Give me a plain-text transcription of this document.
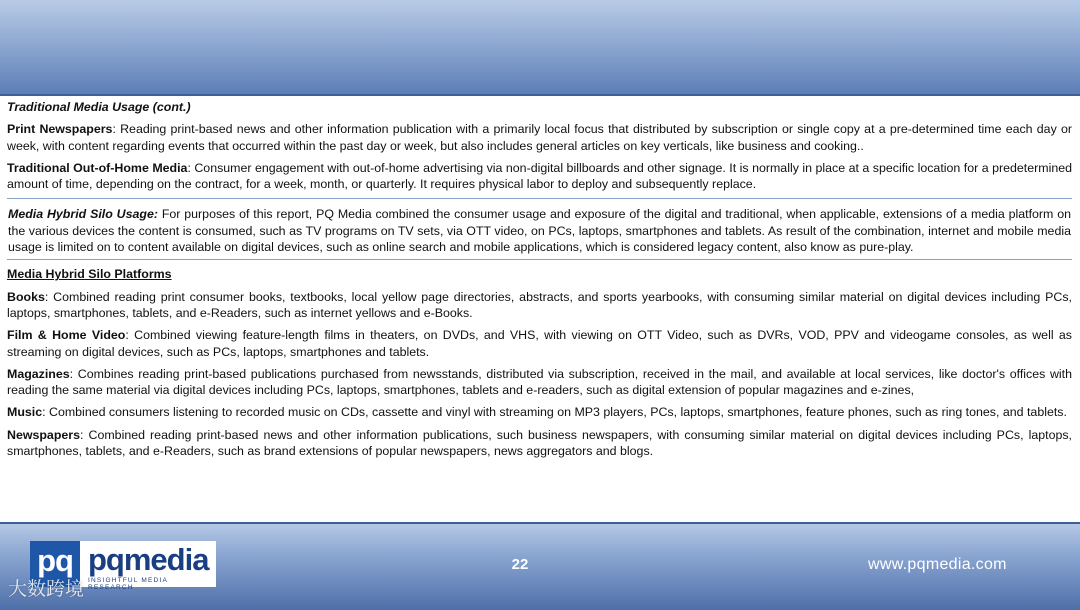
Traditional Media Usage (cont.)

Print Newspapers: Reading print-based news and other information publication with a primarily local focus that distributed by subscription or single copy at a pre-determined time each day or week, with content regarding events that occurred within the past day or week, but also includes general articles on key verticals, like business and cooking..

Traditional Out-of-Home Media: Consumer engagement with out-of-home advertising via non-digital billboards and other signage. It is normally in place at a specific location for a predetermined amount of time, depending on the contract, for a week, month, or quarterly. It requires physical labor to deploy and subsequently replace.

Media Hybrid Silo Usage: For purposes of this report, PQ Media combined the consumer usage and exposure of the digital and traditional, when applicable, extensions of a media platform on the various devices the content is consumed, such as TV programs on TV sets, via OTT video, on PCs, laptops, smartphones and tablets. As result of the combination, internet and mobile media usage is limited on to content available on digital devices, such as online search and mobile applications, which is considered legacy content, also know as pure-play.

Media Hybrid Silo Platforms

Books: Combined reading print consumer books, textbooks, local yellow page directories, abstracts, and sports yearbooks, with consuming similar material on digital devices including PCs, laptops, smartphones, tablets, and e-Readers, such as internet yellows and e-Books.

Film & Home Video: Combined viewing feature-length films in theaters, on DVDs, and VHS, with viewing on OTT Video, such as DVRs, VOD, PPV and videogame consoles, as well as streaming on digital devices, such as PCs, laptops, smartphones and tablets.

Magazines: Combines reading print-based publications purchased from newsstands, distributed via subscription, received in the mail, and available at local services, like doctor's offices with reading the same material via digital devices including PCs, laptops, smartphones, tablets and e-readers, such as digital extension of popular magazines and e-zines,

Music: Combined consumers listening to recorded music on CDs, cassette and vinyl with streaming on MP3 players, PCs, laptops, smartphones, feature phones, such as ring tones, and tablets.

Newspapers: Combined reading print-based news and other information publications, such business newspapers, with consuming similar material on digital devices including PCs, laptops, smartphones, tablets, and e-Readers, such as brand extensions of popular newspapers, news aggregators and blogs.

pq pqmedia
INSIGHTFUL MEDIA RESEARCH
22	www.pqmedia.com
大数跨境
